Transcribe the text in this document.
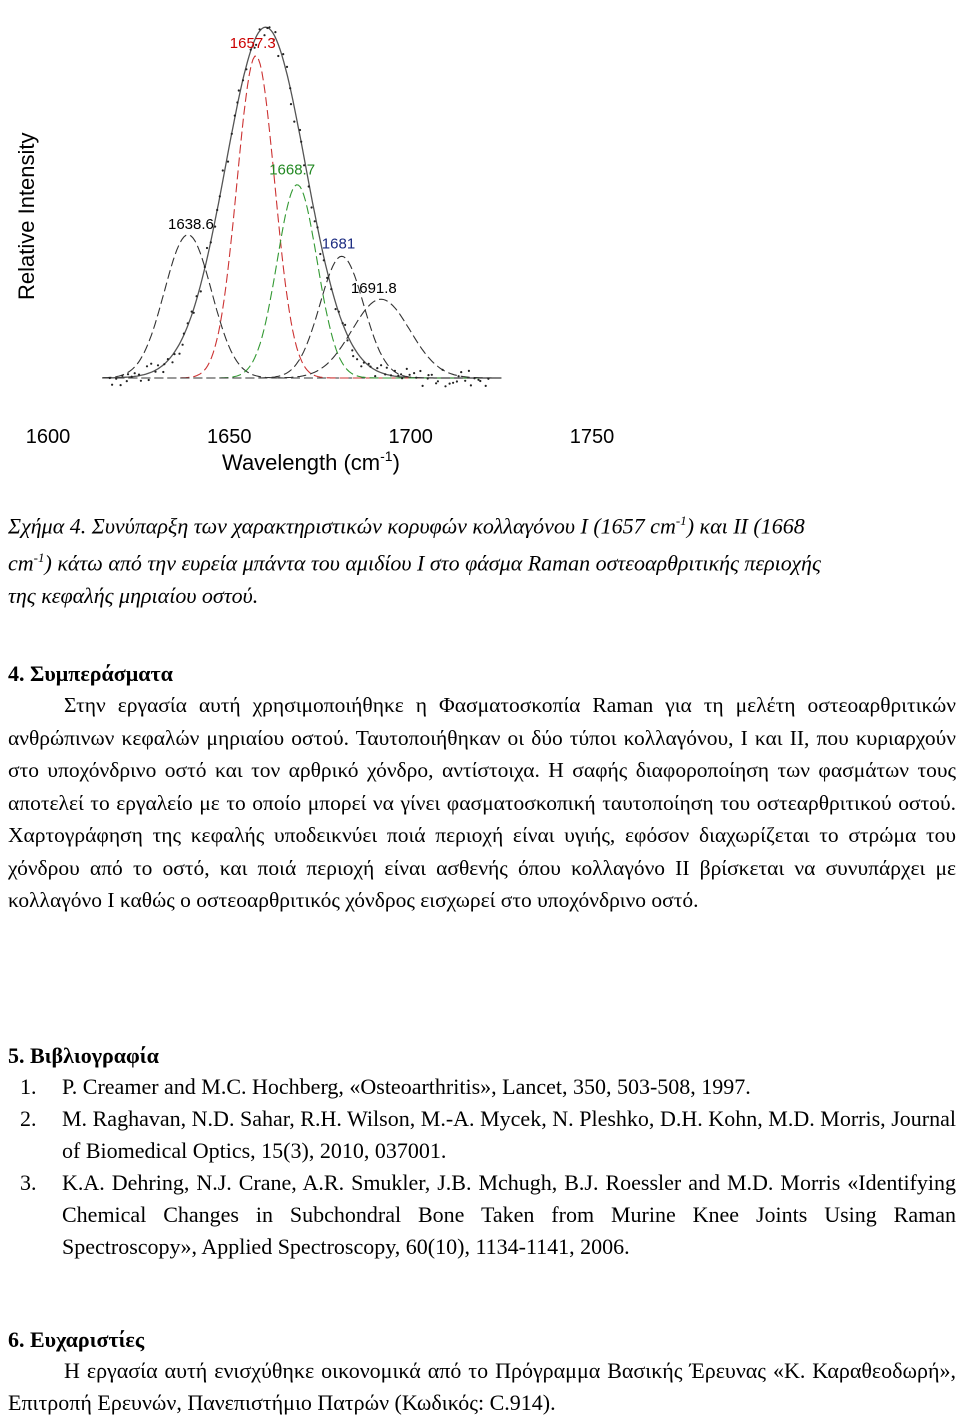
1638.6
1657.3
1668.7
1681
1691.8
1600	1650	1700	1750
Relative Intensity
Wavelength $(cm^{-1})$

Σχήμα 4. Συνύπαρξη των χαρακτηριστικών κορυφών κολλαγόνου Ι (1657 $cm^{-1}$) και ΙΙ (1668
$cm^{-1}$) κάτω από την ευρεία μπάντα του αμιδίου Ι στο φάσμα Raman οστεοαρθριτικής περιοχής
της κεφαλής μηριαίου οστού.

4. Συμπεράσματα

Στην εργασία αυτή χρησιμοποιήθηκε η Φασματοσκοπία Raman για τη μελέτη οστεοαρθριτικών ανθρώπινων κεφαλών μηριαίου οστού. Ταυτοποιήθηκαν οι δύο τύποι κολλαγόνου, Ι και ΙΙ, που κυριαρχούν στο υποχόνδρινο οστό και τον αρθρικό χόνδρο, αντίστοιχα. Η σαφής διαφοροποίηση των φασμάτων τους αποτελεί το εργαλείο με το οποίο μπορεί να γίνει φασματοσκοπική ταυτοποίηση του οστεαρθριτικού οστού. Χαρτογράφηση της κεφαλής υποδεικνύει ποιά περιοχή είναι υγιής, εφόσον διαχωρίζεται το στρώμα του χόνδρου από το οστό, και ποιά περιοχή είναι ασθενής όπου κολλαγόνο ΙΙ βρίσκεται να συνυπάρχει με κολλαγόνο Ι καθώς ο οστεοαρθριτικός χόνδρος εισχωρεί στο υποχόνδρινο οστό.

5. Βιβλιογραφία
1.	P. Creamer and M.C. Hochberg, «Osteoarthritis», Lancet, 350, 503-508, 1997.
2.	M. Raghavan, N.D. Sahar, R.H. Wilson, M.-A. Mycek, N. Pleshko, D.H. Kohn, M.D. Morris, Journal of Biomedical Optics, 15(3), 2010, 037001.
3.	K.A. Dehring, N.J. Crane, A.R. Smukler, J.B. Mchugh, B.J. Roessler and M.D. Morris «Identifying Chemical Changes in Subchondral Bone Taken from Murine Knee Joints Using Raman Spectroscopy», Applied Spectroscopy, 60(10), 1134-1141, 2006.
6. Ευχαριστίες

Η εργασία αυτή ενισχύθηκε οικονομικά από το Πρόγραμμα Βασικής Έρευνας «Κ. Καραθεοδωρή», Επιτροπή Ερευνών, Πανεπιστήμιο Πατρών (Κωδικός: C.914).
